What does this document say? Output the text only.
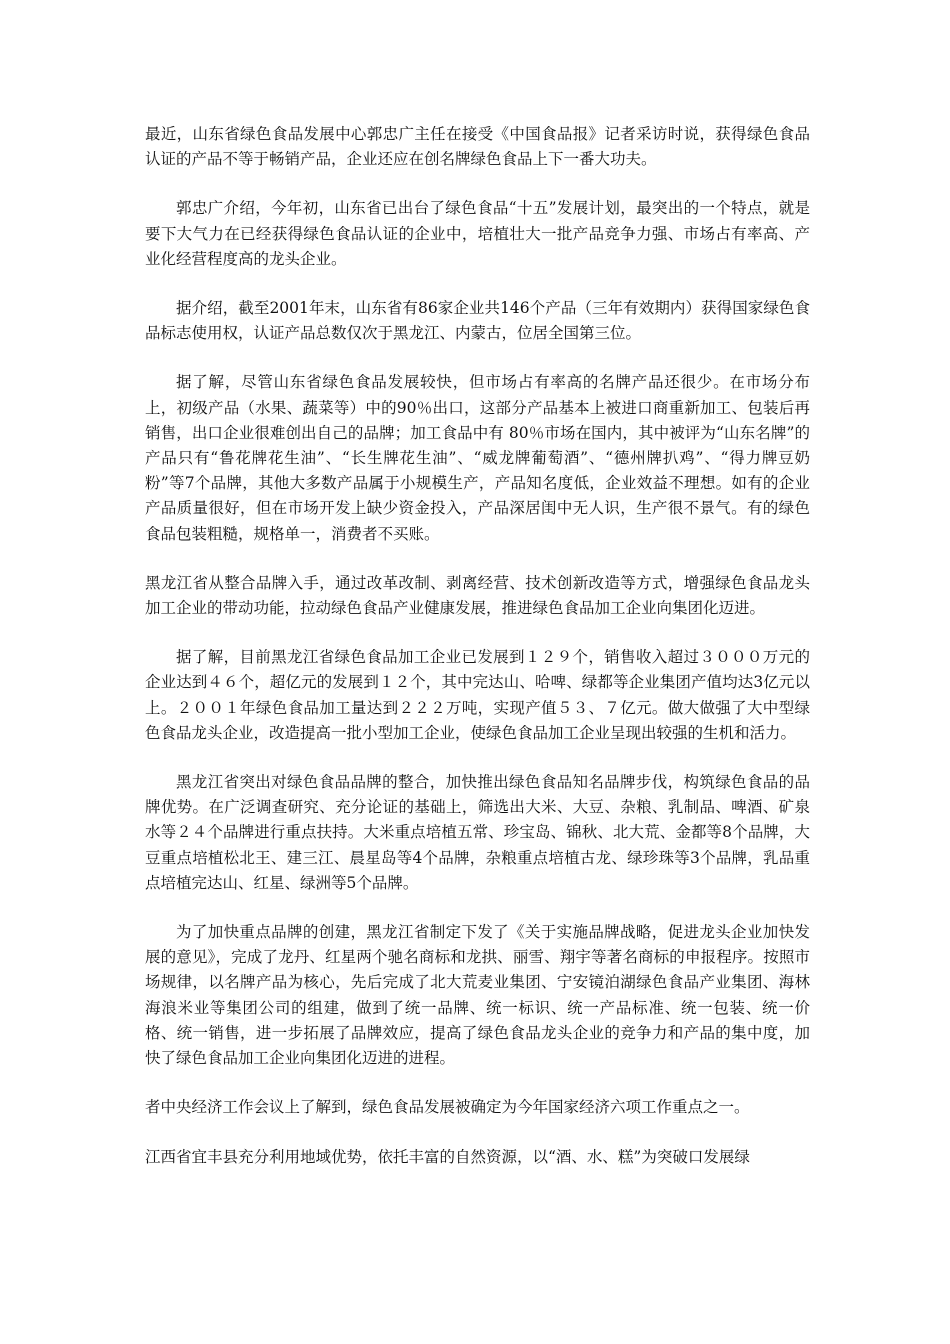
最近，山东省绿色食品发展中心郭忠广主任在接受《中国食品报》记者采访时说，获得绿色食品认证的产品不等于畅销产品，企业还应在创名牌绿色食品上下一番大功夫。

郭忠广介绍，今年初，山东省已出台了绿色食品“十五”发展计划，最突出的一个特点，就是要下大气力在已经获得绿色食品认证的企业中，培植壮大一批产品竞争力强、市场占有率高、产业化经营程度高的龙头企业。

据介绍，截至2001年末，山东省有86家企业共146个产品（三年有效期内）获得国家绿色食品标志使用权，认证产品总数仅次于黑龙江、内蒙古，位居全国第三位。

据了解，尽管山东省绿色食品发展较快，但市场占有率高的名牌产品还很少。在市场分布上，初级产品（水果、蔬菜等）中的90％出口，这部分产品基本上被进口商重新加工、包装后再销售，出口企业很难创出自己的品牌；加工食品中有 80％市场在国内，其中被评为“山东名牌”的产品只有“鲁花牌花生油”、“长生牌花生油”、“威龙牌葡萄酒”、“德州牌扒鸡”、“得力牌豆奶粉”等7个品牌，其他大多数产品属于小规模生产，产品知名度低，企业效益不理想。如有的企业产品质量很好，但在市场开发上缺少资金投入，产品深居闺中无人识，生产很不景气。有的绿色食品包装粗糙，规格单一，消费者不买账。

黑龙江省从整合品牌入手，通过改革改制、剥离经营、技术创新改造等方式，增强绿色食品龙头加工企业的带动功能，拉动绿色食品产业健康发展，推进绿色食品加工企业向集团化迈进。

据了解，目前黑龙江省绿色食品加工企业已发展到１２９个，销售收入超过３０００万元的企业达到４６个，超亿元的发展到１２个，其中完达山、哈啤、绿都等企业集团产值均达3亿元以上。２００１年绿色食品加工量达到２２２万吨，实现产值５３、７亿元。做大做强了大中型绿色食品龙头企业，改造提高一批小型加工企业，使绿色食品加工企业呈现出较强的生机和活力。

黑龙江省突出对绿色食品品牌的整合，加快推出绿色食品知名品牌步伐，构筑绿色食品的品牌优势。在广泛调查研究、充分论证的基础上，筛选出大米、大豆、杂粮、乳制品、啤酒、矿泉水等２４个品牌进行重点扶持。大米重点培植五常、珍宝岛、锦秋、北大荒、金都等8个品牌，大豆重点培植松北王、建三江、晨星岛等4个品牌，杂粮重点培植古龙、绿珍珠等3个品牌，乳品重点培植完达山、红星、绿洲等5个品牌。

为了加快重点品牌的创建，黑龙江省制定下发了《关于实施品牌战略，促进龙头企业加快发展的意见》，完成了龙丹、红星两个驰名商标和龙拱、丽雪、翔宇等著名商标的申报程序。按照市场规律，以名牌产品为核心，先后完成了北大荒麦业集团、宁安镜泊湖绿色食品产业集团、海林海浪米业等集团公司的组建，做到了统一品牌、统一标识、统一产品标准、统一包装、统一价格、统一销售，进一步拓展了品牌效应，提高了绿色食品龙头企业的竞争力和产品的集中度，加快了绿色食品加工企业向集团化迈进的进程。

者中央经济工作会议上了解到，绿色食品发展被确定为今年国家经济六项工作重点之一。

江西省宜丰县充分利用地域优势，依托丰富的自然资源，以“酒、水、糕”为突破口发展绿
